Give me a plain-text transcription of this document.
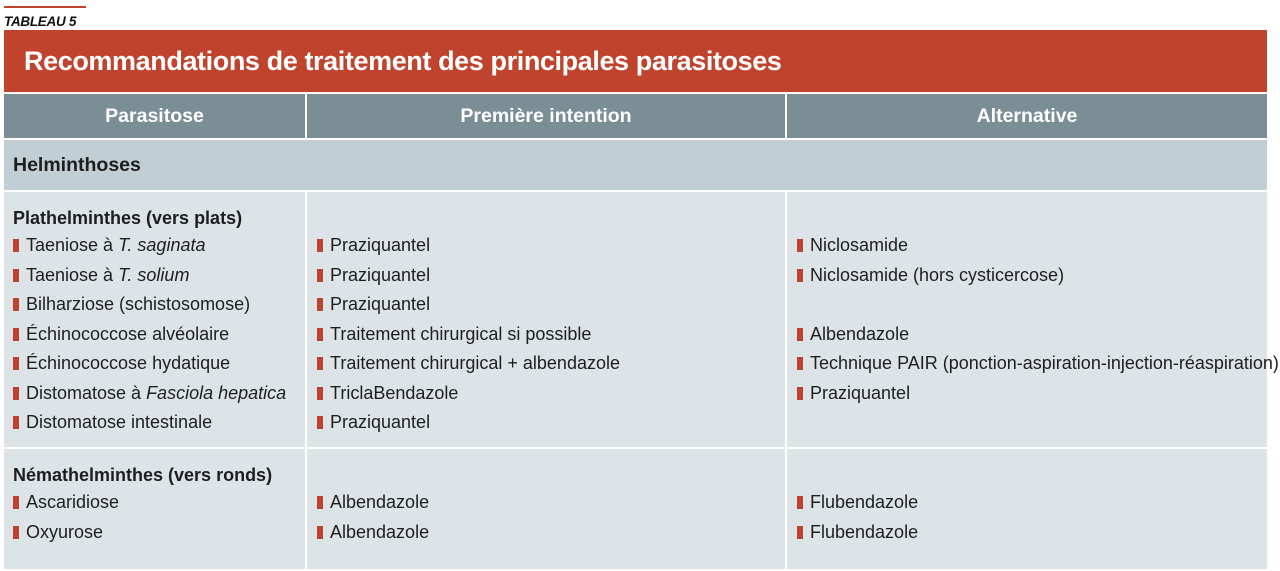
TABLEAU 5
Recommandations de traitement des principales parasitoses
Parasitose	Première intention	Alternative
Helminthoses
Plathelminthes (vers plats)
Taeniose à T. saginata
Taeniose à T. solium
Bilharziose (schistosomose)
Échinococcose alvéolaire
Échinococcose hydatique
Distomatose à Fasciola hepatica
Distomatose intestinale
Praziquantel
Praziquantel
Praziquantel
Traitement chirurgical si possible
Traitement chirurgical + albendazole
TriclaBendazole
Praziquantel
Niclosamide
Niclosamide (hors cysticercose)
Albendazole
Technique PAIR (ponction-aspiration-injection-réaspiration)
Praziquantel
Némathelminthes (vers ronds)
Ascaridiose
Oxyurose
Albendazole
Albendazole
Flubendazole
Flubendazole
